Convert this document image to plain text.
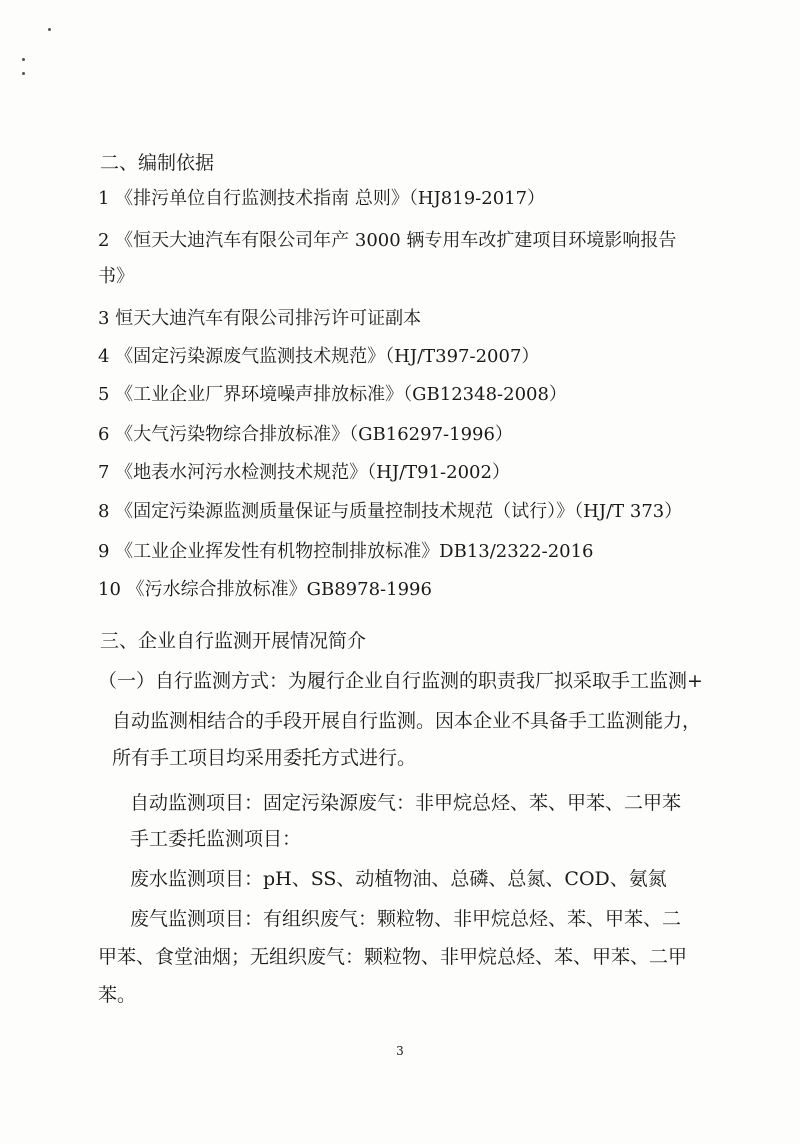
二、编制依据
1 《排污单位自行监测技术指南 总则》（HJ819-2017）
2 《恒天大迪汽车有限公司年产 3000 辆专用车改扩建项目环境影响报告
书》
3 恒天大迪汽车有限公司排污许可证副本
4 《固定污染源废气监测技术规范》（HJ/T397-2007）
5 《工业企业厂界环境噪声排放标准》（GB12348-2008）
6 《大气污染物综合排放标准》（GB16297-1996）
7 《地表水河污水检测技术规范》（HJ/T91-2002）
8 《固定污染源监测质量保证与质量控制技术规范（试行）》（HJ/T 373）
9 《工业企业挥发性有机物控制排放标准》DB13/2322-2016
10 《污水综合排放标准》GB8978-1996
三、企业自行监测开展情况简介
（一）自行监测方式：为履行企业自行监测的职责我厂拟采取手工监测+
自动监测相结合的手段开展自行监测。因本企业不具备手工监测能力，
所有手工项目均采用委托方式进行。
自动监测项目：固定污染源废气：非甲烷总烃、苯、甲苯、二甲苯
手工委托监测项目：
废水监测项目：pH、SS、动植物油、总磷、总氮、COD、氨氮
废气监测项目：有组织废气：颗粒物、非甲烷总烃、苯、甲苯、二
甲苯、食堂油烟；无组织废气：颗粒物、非甲烷总烃、苯、甲苯、二甲
苯。
3
